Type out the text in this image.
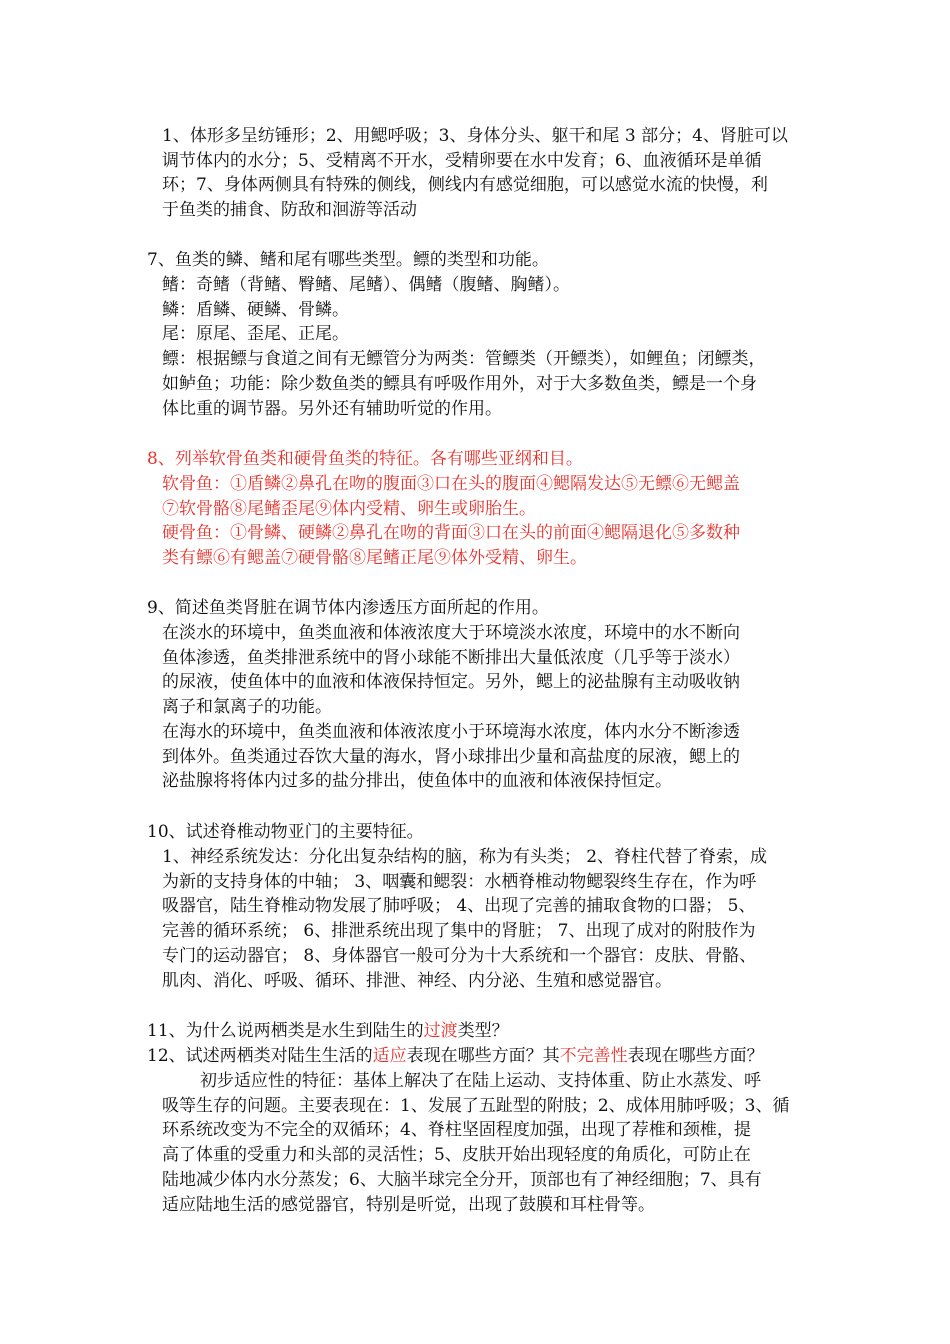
1、体形多呈纺锤形；2、用鳃呼吸；3、身体分头、躯干和尾 3 部分；4、肾脏可以
调节体内的水分；5、受精离不开水，受精卵要在水中发育；6、血液循环是单循
环；7、身体两侧具有特殊的侧线，侧线内有感觉细胞，可以感觉水流的快慢，利
于鱼类的捕食、防敌和洄游等活动
7、鱼类的鳞、鳍和尾有哪些类型。鳔的类型和功能。
鳍：奇鳍（背鳍、臀鳍、尾鳍）、偶鳍（腹鳍、胸鳍）。
鳞：盾鳞、硬鳞、骨鳞。
尾：原尾、歪尾、正尾。
鳔：根据鳔与食道之间有无鳔管分为两类：管鳔类（开鳔类），如鲤鱼；闭鳔类，
如鲈鱼；功能：除少数鱼类的鳔具有呼吸作用外，对于大多数鱼类，鳔是一个身
体比重的调节器。另外还有辅助听觉的作用。
8、列举软骨鱼类和硬骨鱼类的特征。各有哪些亚纲和目。
软骨鱼：①盾鳞②鼻孔在吻的腹面③口在头的腹面④鳃隔发达⑤无鳔⑥无鳃盖
⑦软骨骼⑧尾鳍歪尾⑨体内受精、卵生或卵胎生。
硬骨鱼：①骨鳞、硬鳞②鼻孔在吻的背面③口在头的前面④鳃隔退化⑤多数种
类有鳔⑥有鳃盖⑦硬骨骼⑧尾鳍正尾⑨体外受精、卵生。
9、简述鱼类肾脏在调节体内渗透压方面所起的作用。
在淡水的环境中，鱼类血液和体液浓度大于环境淡水浓度，环境中的水不断向
鱼体渗透，鱼类排泄系统中的肾小球能不断排出大量低浓度（几乎等于淡水）
的尿液，使鱼体中的血液和体液保持恒定。另外，鳃上的泌盐腺有主动吸收钠
离子和氯离子的功能。
在海水的环境中，鱼类血液和体液浓度小于环境海水浓度，体内水分不断渗透
到体外。鱼类通过吞饮大量的海水，肾小球排出少量和高盐度的尿液，鳃上的
泌盐腺将将体内过多的盐分排出，使鱼体中的血液和体液保持恒定。
10、试述脊椎动物亚门的主要特征。
1、神经系统发达：分化出复杂结构的脑，称为有头类； 2、脊柱代替了脊索，成
为新的支持身体的中轴； 3、咽囊和鳃裂：水栖脊椎动物鳃裂终生存在，作为呼
吸器官，陆生脊椎动物发展了肺呼吸； 4、出现了完善的捕取食物的口器； 5、
完善的循环系统； 6、排泄系统出现了集中的肾脏； 7、出现了成对的附肢作为
专门的运动器官； 8、身体器官一般可分为十大系统和一个器官：皮肤、骨骼、
肌肉、消化、呼吸、循环、排泄、神经、内分泌、生殖和感觉器官。
11、为什么说两栖类是水生到陆生的过渡类型？
12、试述两栖类对陆生生活的适应表现在哪些方面？其不完善性表现在哪些方面？
初步适应性的特征：基体上解决了在陆上运动、支持体重、防止水蒸发、呼
吸等生存的问题。主要表现在：1、发展了五趾型的附肢；2、成体用肺呼吸；3、循
环系统改变为不完全的双循环；4、脊柱坚固程度加强，出现了荐椎和颈椎，提
高了体重的受重力和头部的灵活性；5、皮肤开始出现轻度的角质化，可防止在
陆地减少体内水分蒸发；6、大脑半球完全分开，顶部也有了神经细胞；7、具有
适应陆地生活的感觉器官，特别是听觉，出现了鼓膜和耳柱骨等。
